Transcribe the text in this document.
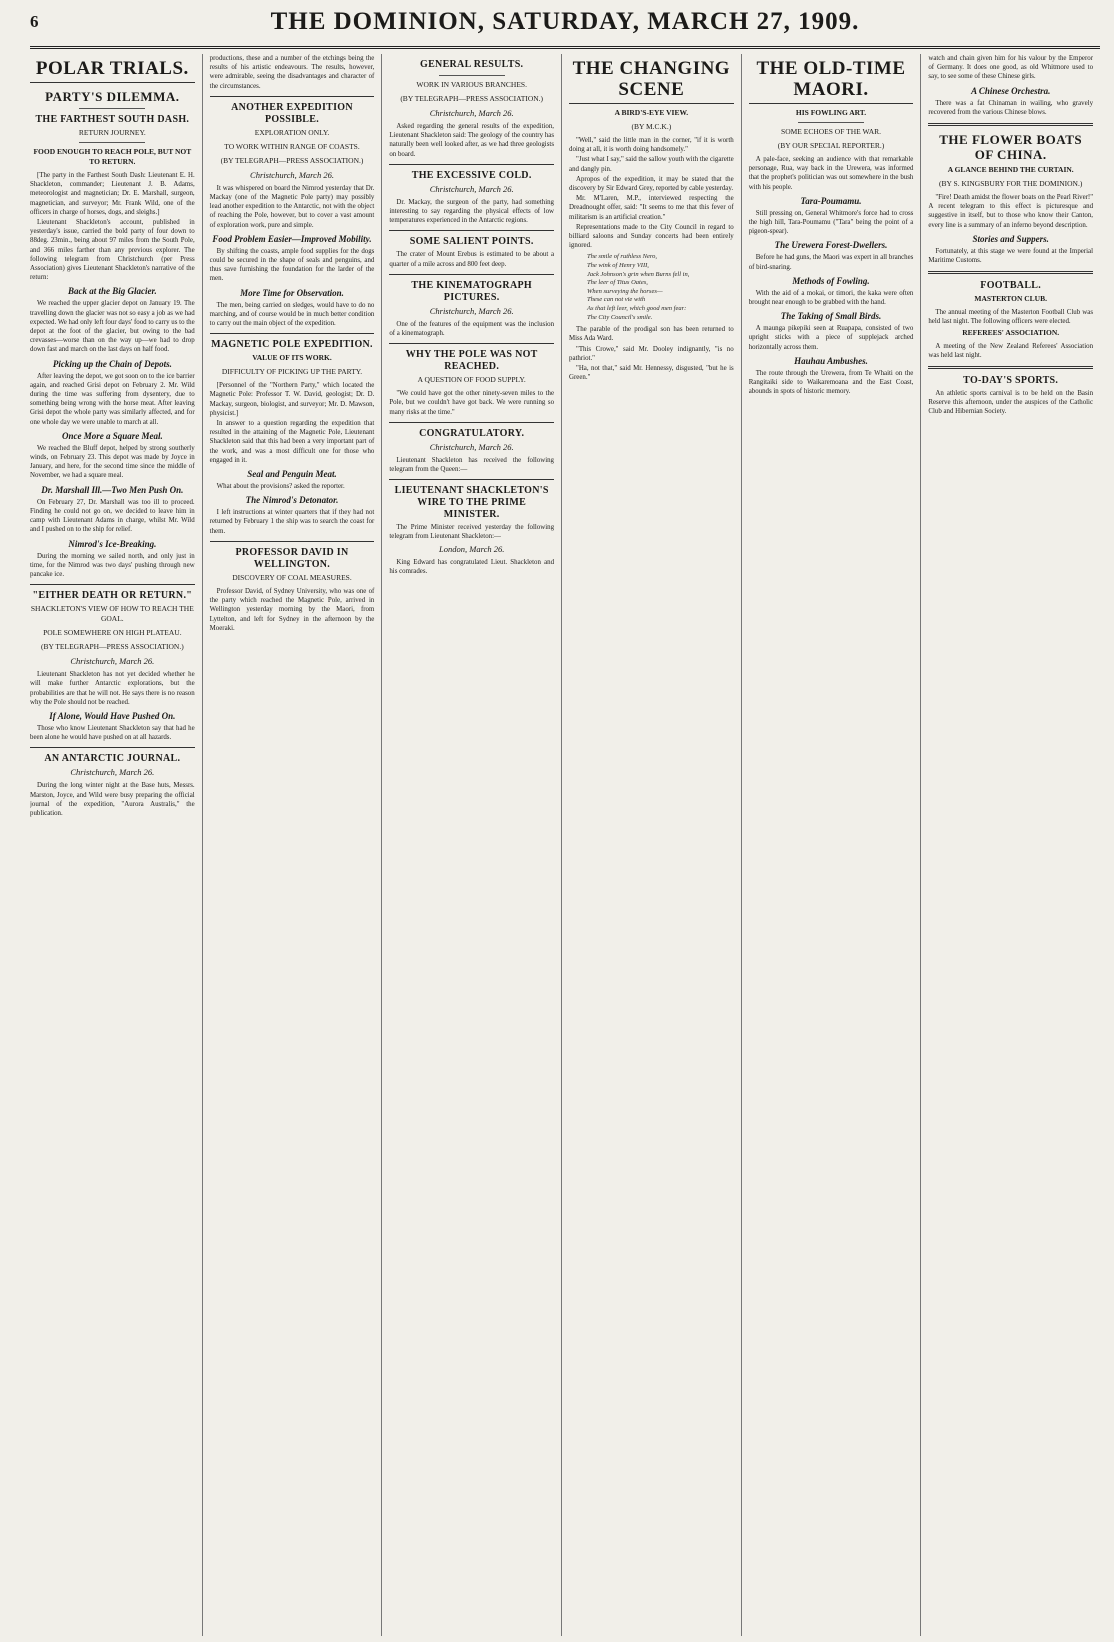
6	THE DOMINION, SATURDAY, MARCH 27, 1909.
POLAR TRIALS.
PARTY'S DILEMMA.
THE FARTHEST SOUTH DASH.
RETURN JOURNEY.
FOOD ENOUGH TO REACH POLE, BUT NOT TO RETURN.

[The party in the Farthest South Dash: Lieutenant E. H. Shackleton, commander; Lieutenant J. B. Adams, meteorologist and magnetician; Dr. E. Marshall, surgeon, magnetician, and surveyor; Mr. Frank Wild, one of the officers in charge of horses, dogs, and sleighs.]

Lieutenant Shackleton's account, published in yesterday's issue, carried the bold party of four down to 88deg. 23min., being about 97 miles from the South Pole, and 366 miles farther than any previous explorer. The following telegram from Christchurch (per Press Association) gives Lieutenant Shackleton's narrative of the return:

Back at the Big Glacier.

We reached the upper glacier depot on January 19. The travelling down the glacier was not so easy a job as we had expected. We had only left four days' food to carry us to the depot at the foot of the glacier, but owing to the bad crevasses—worse than on the way up—we had to drop down fast and march on the last days on half food.

Picking up the Chain of Depots.

After leaving the depot, we got soon on to the ice barrier again, and reached Grisi depot on February 2. Mr. Wild during the time was suffering from dysentery, due to something being wrong with the horse meat. After leaving Grisi depot the whole party was similarly affected, and for one whole day we were unable to march at all.

Once More a Square Meal.

We reached the Bluff depot, helped by strong southerly winds, on February 23. This depot was made by Joyce in January, and here, for the second time since the middle of November, we had a square meal.

Dr. Marshall Ill.—Two Men Push On.

On February 27, Dr. Marshall was too ill to proceed. Finding he could not go on, we decided to leave him in camp with Lieutenant Adams in charge, whilst Mr. Wild and I pushed on to the ship for relief.

Nimrod's Ice-Breaking.

During the morning we sailed north, and only just in time, for the Nimrod was two days' pushing through new pancake ice.

"EITHER DEATH OR RETURN."
SHACKLETON'S VIEW OF HOW TO REACH THE GOAL.
POLE SOMEWHERE ON HIGH PLATEAU.
(BY TELEGRAPH—PRESS ASSOCIATION.)
Christchurch, March 26.

Lieutenant Shackleton has not yet decided whether he will make further Antarctic explorations, but the probabilities are that he will not. He says there is no reason why the Pole should not be reached.

If Alone, Would Have Pushed On.

Those who know Lieutenant Shackleton say that had he been alone he would have pushed on at all hazards.

AN ANTARCTIC JOURNAL.
Christchurch, March 26.

During the long winter night at the Base huts, Messrs. Marston, Joyce, and Wild were busy preparing the official journal of the expedition, "Aurora Australis," the publication.

productions, these and a number of the etchings being the results of his artistic endeavours. The results, however, were admirable, seeing the disadvantages and character of the circumstances.

ANOTHER EXPEDITION POSSIBLE.
EXPLORATION ONLY.
TO WORK WITHIN RANGE OF COASTS.
(BY TELEGRAPH—PRESS ASSOCIATION.)
Christchurch, March 26.

It was whispered on board the Nimrod yesterday that Dr. Mackay (one of the Magnetic Pole party) may possibly lead another expedition to the Antarctic, not with the object of reaching the Pole, however, but to cover a vast amount of exploration work, pure and simple.

Food Problem Easier—Improved Mobility.

By shifting the coasts, ample food supplies for the dogs could be secured in the shape of seals and penguins, and thus save furnishing the foundation for the larder of the men.

More Time for Observation.

The men, being carried on sledges, would have to do no marching, and of course would be in much better condition to carry out the main object of the expedition.

MAGNETIC POLE EXPEDITION.
VALUE OF ITS WORK.
DIFFICULTY OF PICKING UP THE PARTY.

[Personnel of the "Northern Party," which located the Magnetic Pole: Professor T. W. David, geologist; Dr. D. Mackay, surgeon, biologist, and surveyor; Mr. D. Mawson, physicist.]

In answer to a question regarding the expedition that resulted in the attaining of the Magnetic Pole, Lieutenant Shackleton said that this had been a very important part of the work, and was a most difficult one for those who engaged in it.

Seal and Penguin Meat.

What about the provisions? asked the reporter.

The Nimrod's Detonator.

I left instructions at winter quarters that if they had not returned by February 1 the ship was to search the coast for them.

PROFESSOR DAVID IN WELLINGTON.
DISCOVERY OF COAL MEASURES.

Professor David, of Sydney University, who was one of the party which reached the Magnetic Pole, arrived in Wellington yesterday morning by the Maori, from Lyttelton, and left for Sydney in the afternoon by the Moeraki.

GENERAL RESULTS.
WORK IN VARIOUS BRANCHES.
(BY TELEGRAPH—PRESS ASSOCIATION.)
Christchurch, March 26.

Asked regarding the general results of the expedition, Lieutenant Shackleton said: The geology of the country has naturally been well looked after, as we had three geologists on board.

THE EXCESSIVE COLD.
Christchurch, March 26.

Dr. Mackay, the surgeon of the party, had something interesting to say regarding the physical effects of low temperatures experienced in the Antarctic regions.

SOME SALIENT POINTS.

The crater of Mount Erebus is estimated to be about a quarter of a mile across and 800 feet deep.

THE KINEMATOGRAPH PICTURES.
Christchurch, March 26.

One of the features of the equipment was the inclusion of a kinematograph.

WHY THE POLE WAS NOT REACHED.
A QUESTION OF FOOD SUPPLY.

"We could have got the other ninety-seven miles to the Pole, but we couldn't have got back. We were running so many risks at the time."

CONGRATULATORY.
Christchurch, March 26.

Lieutenant Shackleton has received the following telegram from the Queen:—

LIEUTENANT SHACKLETON'S WIRE TO THE PRIME MINISTER.

The Prime Minister received yesterday the following telegram from Lieutenant Shackleton:—

London, March 26.

King Edward has congratulated Lieut. Shackleton and his comrades.

THE CHANGING SCENE
A BIRD'S-EYE VIEW.
(BY M.C.K.)

"Well," said the little man in the corner, "if it is worth doing at all, it is worth doing handsomely."

"Just what I say," said the sallow youth with the cigarette and dangly pin.

Apropos of the expedition, it may be stated that the discovery by Sir Edward Grey, reported by cable yesterday.

Mr. M'Laren, M.P., interviewed respecting the Dreadnought offer, said: "It seems to me that this fever of militarism is an artificial creation."

Representations made to the City Council in regard to billiard saloons and Sunday concerts had been entirely ignored.

The smile of ruthless Nero,
The wink of Henry VIII,
Jack Johnson's grin when Burns fell in,
The leer of Titus Oates,
When surveying the horses—
These can not vie with
As that left leer, which good men fear:
The City Council's smile.

The parable of the prodigal son has been returned to Miss Ada Ward.

"This Crowe," said Mr. Dooley indignantly, "is no pathriot."

"Ha, not that," said Mr. Hennessy, disgusted, "but he is Green."

THE OLD-TIME MAORI.
HIS FOWLING ART.
SOME ECHOES OF THE WAR.
(BY OUR SPECIAL REPORTER.)

A pale-face, seeking an audience with that remarkable personage, Rua, way back in the Urewera, was informed that the prophet's politician was out somewhere in the bush with his people.

Tara-Poumamu.

Still pressing on, General Whitmore's force had to cross the high hill, Tara-Poumamu ("Tara" being the point of a pigeon-spear).

The Urewera Forest-Dwellers.

Before he had guns, the Maori was expert in all branches of bird-snaring.

Methods of Fowling.

With the aid of a mokai, or timori, the kaka were often brought near enough to be grabbed with the hand.

The Taking of Small Birds.

A maunga pikepiki seen at Ruapapa, consisted of two upright sticks with a piece of supplejack arched horizontally across them.

Hauhau Ambushes.

The route through the Urewera, from Te Whaiti on the Rangitaiki side to Waikaremoana and the East Coast, abounds in spots of historic memory.

watch and chain given him for his valour by the Emperor of Germany. It does one good, as old Whitmore used to say, to see some of these Chinese girls.

A Chinese Orchestra.

There was a fat Chinaman in wailing, who gravely recovered from the various Chinese blows.

THE FLOWER BOATS OF CHINA.
A GLANCE BEHIND THE CURTAIN.
(BY S. KINGSBURY FOR THE DOMINION.)

"Fire! Death amidst the flower boats on the Pearl River!" A recent telegram to this effect is picturesque and suggestive in itself, but to those who know their Canton, every line is a summary of an inferno beyond description.

Stories and Suppers.

Fortunately, at this stage we were found at the Imperial Maritime Customs.

FOOTBALL.
MASTERTON CLUB.

The annual meeting of the Masterton Football Club was held last night. The following officers were elected.

REFEREES' ASSOCIATION.

A meeting of the New Zealand Referees' Association was held last night.

TO-DAY'S SPORTS.

An athletic sports carnival is to be held on the Basin Reserve this afternoon, under the auspices of the Catholic Club and Hibernian Society.
